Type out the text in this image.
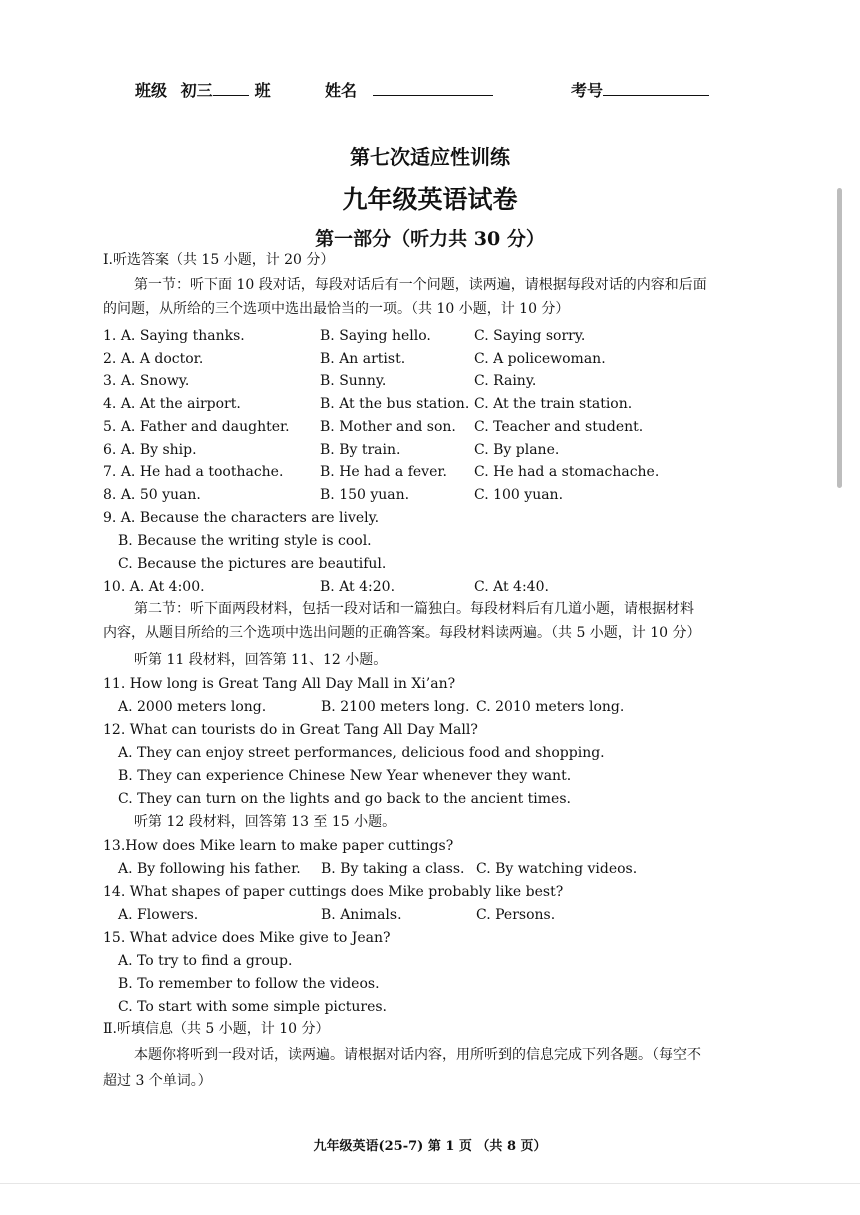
班级 初三	班	姓名	考号
第七次适应性训练
九年级英语试卷
第一部分（听力共 30 分）
Ⅰ.听选答案（共 15 小题，计 20 分）
第一节：听下面 10 段对话，每段对话后有一个问题，读两遍，请根据每段对话的内容和后面
的问题，从所给的三个选项中选出最恰当的一项。（共 10 小题，计 10 分）
1. A. Saying thanks.	B. Saying hello.	C. Saying sorry.
2. A. A doctor.	B. An artist.	C. A policewoman.
3. A. Snowy.	B. Sunny.	C. Rainy.
4. A. At the airport.	B. At the bus station. C. At the train station.
5. A. Father and daughter. B. Mother and son. C. Teacher and student.
6. A. By ship.	B. By train.	C. By plane.
7. A. He had a toothache.	B. He had a fever. C. He had a stomachache.
8. A. 50 yuan.	B. 150 yuan.	C. 100 yuan.
9. A. Because the characters are lively.
B. Because the writing style is cool.
C. Because the pictures are beautiful.
10. A. At 4:00.	B. At 4:20.	C. At 4:40.
第二节：听下面两段材料，包括一段对话和一篇独白。每段材料后有几道小题，请根据材料
内容，从题目所给的三个选项中选出问题的正确答案。每段材料读两遍。（共 5 小题，计 10 分）
听第 11 段材料，回答第 11、12 小题。
11. How long is Great Tang All Day Mall in Xi’an?
A. 2000 meters long.	B. 2100 meters long. C. 2010 meters long.
12. What can tourists do in Great Tang All Day Mall?
A. They can enjoy street performances, delicious food and shopping.
B. They can experience Chinese New Year whenever they want.
C. They can turn on the lights and go back to the ancient times.
听第 12 段材料，回答第 13 至 15 小题。
13.How does Mike learn to make paper cuttings?
A. By following his father. B. By taking a class. C. By watching videos.
14. What shapes of paper cuttings does Mike probably like best?
A. Flowers.	B. Animals.	C. Persons.
15. What advice does Mike give to Jean?
A. To try to find a group.
B. To remember to follow the videos.
C. To start with some simple pictures.
Ⅱ.听填信息（共 5 小题，计 10 分）
本题你将听到一段对话，读两遍。请根据对话内容，用所听到的信息完成下列各题。（每空不
超过 3 个单词。）
九年级英语(25-7) 第 1 页 （共 8 页）
